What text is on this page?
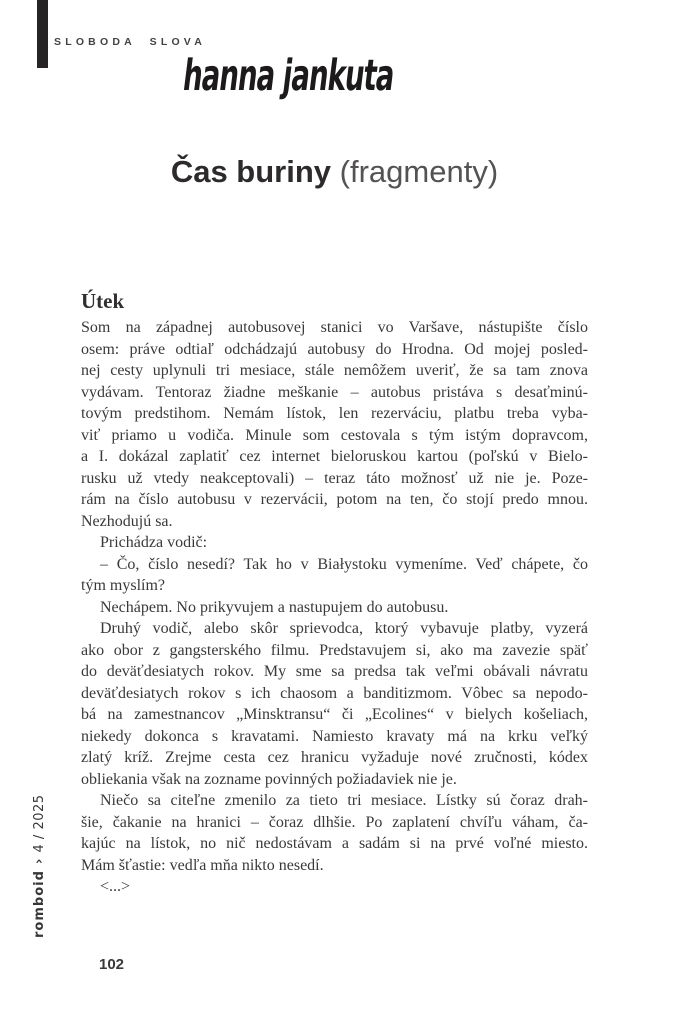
SLOBODA SLOVA
hanna jankuta
Čas buriny (fragmenty)
Útek
Som na západnej autobusovej stanici vo Varšave, nástupište číslo
osem: práve odtiaľ odchádzajú autobusy do Hrodna. Od mojej posled-
nej cesty uplynuli tri mesiace, stále nemôžem uveriť, že sa tam znova
vydávam. Tentoraz žiadne meškanie – autobus pristáva s desaťminú-
tovým predstihom. Nemám lístok, len rezerváciu, platbu treba vyba-
viť priamo u vodiča. Minule som cestovala s tým istým dopravcom,
a I. dokázal zaplatiť cez internet bieloruskou kartou (poľskú v Bielo-
rusku už vtedy neakceptovali) – teraz táto možnosť už nie je. Poze-
rám na číslo autobusu v rezervácii, potom na ten, čo stojí predo mnou.
Nezhodujú sa.
Prichádza vodič:
– Čo, číslo nesedí? Tak ho v Białystoku vymeníme. Veď chápete, čo
tým myslím?
Nechápem. No prikyvujem a nastupujem do autobusu.
Druhý vodič, alebo skôr sprievodca, ktorý vybavuje platby, vyzerá
ako obor z gangsterského filmu. Predstavujem si, ako ma zavezie späť
do deväťdesiatych rokov. My sme sa predsa tak veľmi obávali návratu
deväťdesiatych rokov s ich chaosom a banditizmom. Vôbec sa nepodo-
bá na zamestnancov „Minsktransu“ či „Ecolines“ v bielych košeliach,
niekedy dokonca s kravatami. Namiesto kravaty má na krku veľký
zlatý kríž. Zrejme cesta cez hranicu vyžaduje nové zručnosti, kódex
obliekania však na zozname povinných požiadaviek nie je.
Niečo sa citeľne zmenilo za tieto tri mesiace. Lístky sú čoraz drah-
šie, čakanie na hranici – čoraz dlhšie. Po zaplatení chvíľu váham, ča-
kajúc na lístok, no nič nedostávam a sadám si na prvé voľné miesto.
Mám šťastie: vedľa mňa nikto nesedí.
<...>
romboid › 4 / 2025
102
